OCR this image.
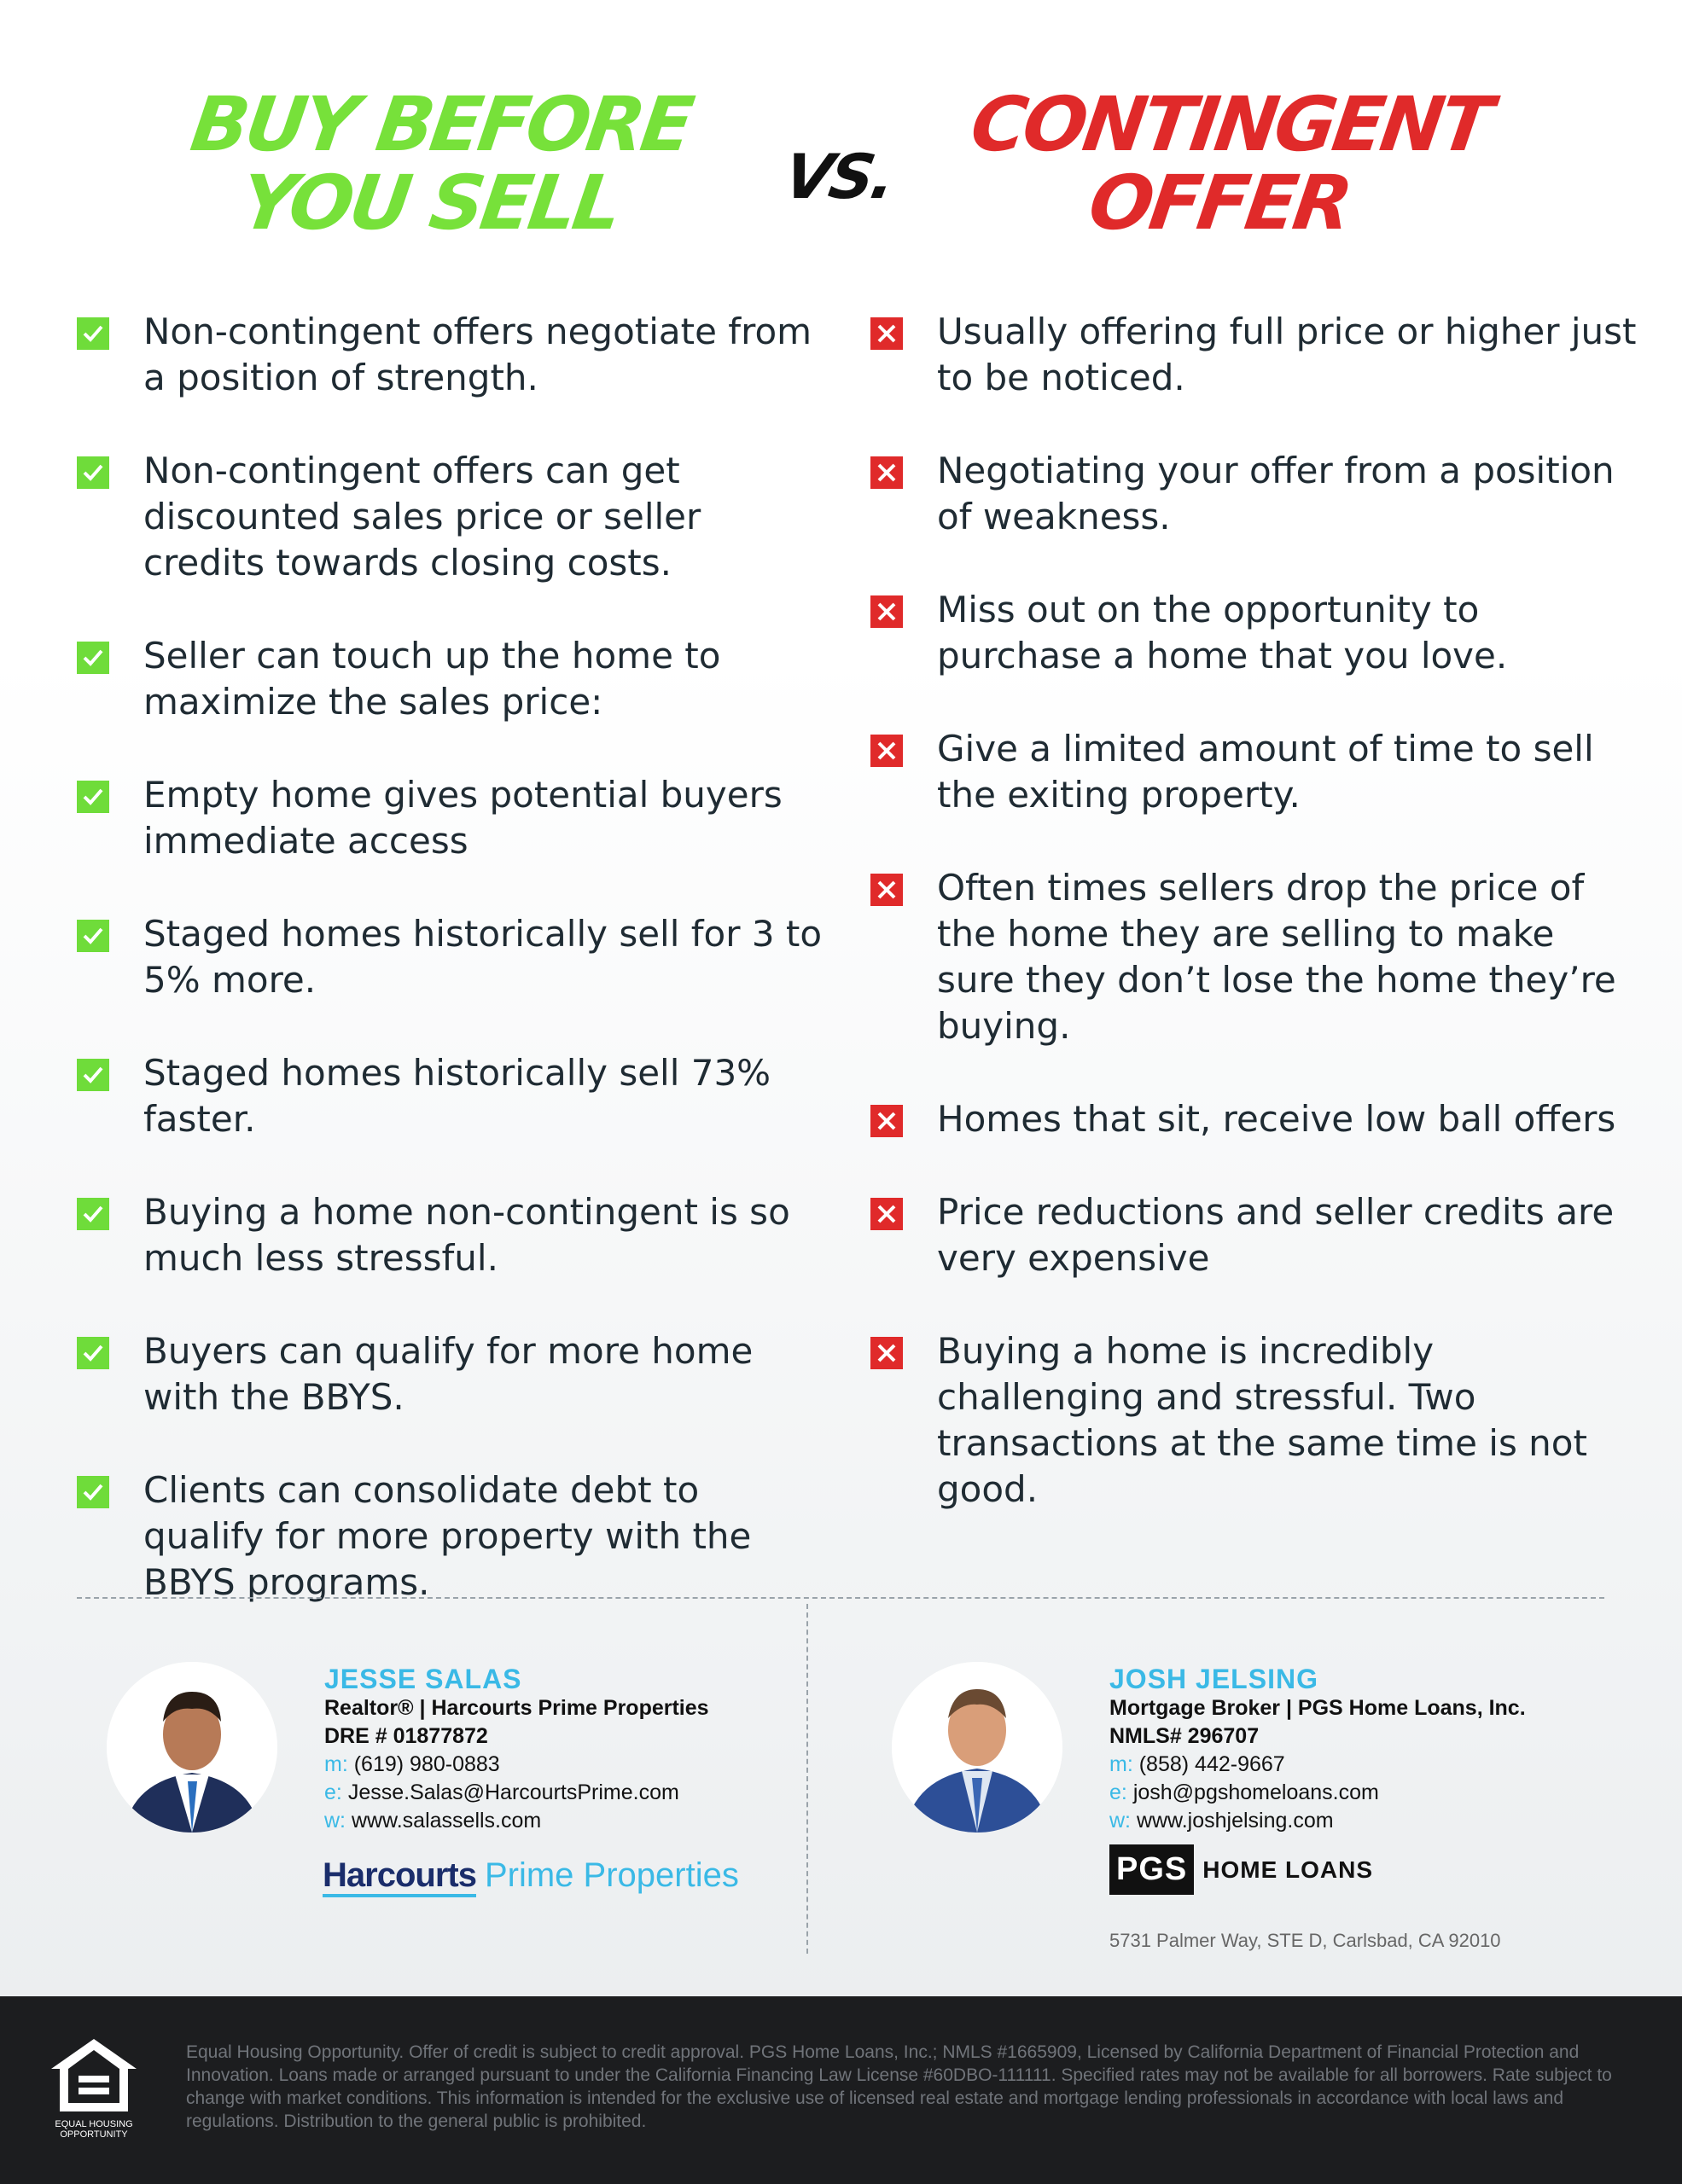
BUY BEFORE
YOU SELL	VS.
CONTINGENT
OFFER
Non-contingent offers negotiate from a position of strength.
Non-contingent offers can get discounted sales price or seller credits towards closing costs.
Seller can touch up the home to maximize the sales price:
Empty home gives potential buyers immediate access
Staged homes historically sell for 3 to 5% more.
Staged homes historically sell 73% faster.
Buying a home non-contingent is so much less stressful.
Buyers can qualify for more home with the BBYS.
Clients can consolidate debt to qualify for more property with the BBYS programs.
Usually offering full price or higher just to be noticed.
Negotiating your offer from a position of weakness.
Miss out on the opportunity to purchase a home that you love.
Give a limited amount of time to sell the exiting property.
Often times sellers drop the price of the home they are selling to make sure they don’t lose the home they’re buying.
Homes that sit, receive low ball offers
Price reductions and seller credits are very expensive
Buying a home is incredibly challenging and stressful. Two transactions at the same time is not good.
JESSE SALAS
Realtor® | Harcourts Prime Properties
DRE # 01877872
m: (619) 980-0883
e: Jesse.Salas@HarcourtsPrime.com
w: www.salassells.com
Harcourts Prime Properties
JOSH JELSING
Mortgage Broker | PGS Home Loans, Inc.
NMLS# 296707
m: (858) 442-9667
e: josh@pgshomeloans.com
w: www.joshjelsing.com
PGS HOME LOANS
5731 Palmer Way, STE D, Carlsbad, CA 92010
EQUAL HOUSING
OPPORTUNITY
Equal Housing Opportunity. Offer of credit is subject to credit approval. PGS Home Loans, Inc.; NMLS #1665909, Licensed by California Department of Financial Protection and Innovation. Loans made or arranged pursuant to under the California Financing Law License #60DBO-111111. Specified rates may not be available for all borrowers. Rate subject to change with market conditions. This information is intended for the exclusive use of licensed real estate and mortgage lending professionals in accordance with local laws and regulations. Distribution to the general public is prohibited.
